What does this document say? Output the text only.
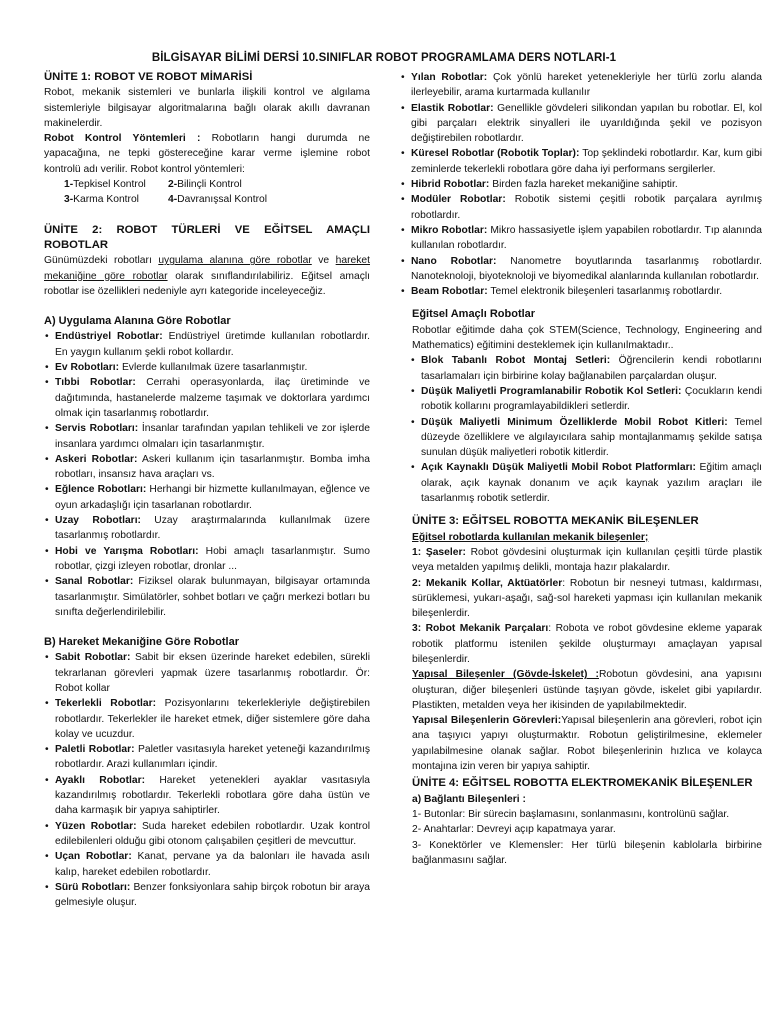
BİLGİSAYAR BİLİMİ DERSİ 10.SINIFLAR ROBOT PROGRAMLAMA DERS NOTLARI-1

ÜNİTE 1: ROBOT VE ROBOT MİMARİSİ

Robot, mekanik sistemleri ve bunlarla ilişkili kontrol ve algılama sistemleriyle bilgisayar algoritmalarına bağlı olarak akıllı davranan makinelerdir.

Robot Kontrol Yöntemleri : Robotların hangi durumda ne yapacağına, ne tepki göstereceğine karar verme işlemine robot kontrolü adı verilir. Robot kontrol yöntemleri:

1-Tepkisel Kontrol 2-Bilinçli Kontrol
3-Karma Kontrol	4-Davranışsal Kontrol

ÜNİTE 2: ROBOT TÜRLERİ VE EĞİTSEL AMAÇLI ROBOTLAR

Günümüzdeki robotları uygulama alanına göre robotlar ve hareket mekaniğine göre robotlar olarak sınıflandırılabiliriz. Eğitsel amaçlı robotlar ise özellikleri nedeniyle ayrı kategoride inceleyeceğiz.

A) Uygulama Alanına Göre Robotlar

• Endüstriyel Robotlar: Endüstriyel üretimde kullanılan robotlardır. En yaygın kullanım şekli robot kollardır.
• Ev Robotları: Evlerde kullanılmak üzere tasarlanmıştır.
• Tıbbi Robotlar: Cerrahi operasyonlarda, ilaç üretiminde ve dağıtımında, hastanelerde malzeme taşımak ve doktorlara yardımcı olmak için tasarlanmış robotlardır.
• Servis Robotları: İnsanlar tarafından yapılan tehlikeli ve zor işlerde insanlara yardımcı olmaları için tasarlanmıştır.
• Askeri Robotlar: Askeri kullanım için tasarlanmıştır. Bomba imha robotları, insansız hava araçları vs.
• Eğlence Robotları: Herhangi bir hizmette kullanılmayan, eğlence ve oyun arkadaşlığı için tasarlanan robotlardır.
• Uzay Robotları: Uzay araştırmalarında kullanılmak üzere tasarlanmış robotlardır.
• Hobi ve Yarışma Robotları: Hobi amaçlı tasarlanmıştır. Sumo robotlar, çizgi izleyen robotlar, dronlar ...
• Sanal Robotlar: Fiziksel olarak bulunmayan, bilgisayar ortamında tasarlanmıştır. Simülatörler, sohbet botları ve çağrı merkezi botları bu sınıfta değerlendirilebilir.

B) Hareket Mekaniğine Göre Robotlar

• Sabit Robotlar: Sabit bir eksen üzerinde hareket edebilen, sürekli tekrarlanan görevleri yapmak üzere tasarlanmış robotlardır. Ör: Robot kollar
• Tekerlekli Robotlar: Pozisyonlarını tekerlekleriyle değiştirebilen robotlardır. Tekerlekler ile hareket etmek, diğer sistemlere göre daha kolay ve ucuzdur.
• Paletli Robotlar: Paletler vasıtasıyla hareket yeteneği kazandırılmış robotlardır. Arazi kullanımları içindir.
• Ayaklı Robotlar: Hareket yetenekleri ayaklar vasıtasıyla kazandırılmış robotlardır. Tekerlekli robotlara göre daha üstün ve daha karmaşık bir yapıya sahiptirler.
• Yüzen Robotlar: Suda hareket edebilen robotlardır. Uzak kontrol edilebilenleri olduğu gibi otonom çalışabilen çeşitleri de mevcuttur.
• Uçan Robotlar: Kanat, pervane ya da balonları ile havada asılı kalıp, hareket edebilen robotlardır.
• Sürü Robotları: Benzer fonksiyonlara sahip birçok robotun bir araya gelmesiyle oluşur.
• Yılan Robotlar: Çok yönlü hareket yetenekleriyle her türlü zorlu alanda ilerleyebilir, arama kurtarmada kullanılır
• Elastik Robotlar: Genellikle gövdeleri silikondan yapılan bu robotlar. El, kol gibi parçaları elektrik sinyalleri ile uyarıldığında şekil ve pozisyon değiştirebilen robotlardır.
• Küresel Robotlar (Robotik Toplar): Top şeklindeki robotlardır. Kar, kum gibi zeminlerde tekerlekli robotlara göre daha iyi performans sergilerler.
• Hibrid Robotlar: Birden fazla hareket mekaniğine sahiptir.
• Modüler Robotlar: Robotik sistemi çeşitli robotik parçalara ayrılmış robotlardır.
• Mikro Robotlar: Mikro hassasiyetle işlem yapabilen robotlardır. Tıp alanında kullanılan robotlardır.
• Nano Robotlar: Nanometre boyutlarında tasarlanmış robotlardır. Nanoteknoloji, biyoteknoloji ve biyomedikal alanlarında kullanılan robotlardır.
• Beam Robotlar: Temel elektronik bileşenleri tasarlanmış robotlardır.

Eğitsel Amaçlı Robotlar

Robotlar eğitimde daha çok STEM(Science, Technology, Engineering and Mathematics) eğitimini desteklemek için kullanılmaktadır..

• Blok Tabanlı Robot Montaj Setleri: Öğrencilerin kendi robotlarını tasarlamaları için birbirine kolay bağlanabilen parçalardan oluşur.
• Düşük Maliyetli Programlanabilir Robotik Kol Setleri: Çocukların kendi robotik kollarını programlayabildikleri setlerdir.
• Düşük Maliyetli Minimum Özelliklerde Mobil Robot Kitleri: Temel düzeyde özelliklere ve algılayıcılara sahip montajlanmamış şekilde satışa sunulan düşük maliyetleri robotik kitlerdir.
• Açık Kaynaklı Düşük Maliyetli Mobil Robot Platformları: Eğitim amaçlı olarak, açık kaynak donanım ve açık kaynak yazılım araçları ile tasarlanmış robotik setlerdir.

ÜNİTE 3: EĞİTSEL ROBOTTA MEKANİK BİLEŞENLER

Eğitsel robotlarda kullanılan mekanik bileşenler;

1: Şaseler: Robot gövdesini oluşturmak için kullanılan çeşitli türde plastik veya metalden yapılmış delikli, montaja hazır plakalardır.

2: Mekanik Kollar, Aktüatörler: Robotun bir nesneyi tutması, kaldırması, sürüklemesi, yukarı-aşağı, sağ-sol hareketi yapması için kullanılan mekanik bileşenlerdir.

3: Robot Mekanik Parçaları: Robota ve robot gövdesine ekleme yaparak robotik platformu istenilen şekilde oluşturmayı amaçlayan yapısal bileşenlerdir.

Yapısal Bileşenler (Gövde-İskelet) :Robotun gövdesini, ana yapısını oluşturan, diğer bileşenleri üstünde taşıyan gövde, iskelet gibi yapılardır. Plastikten, metalden veya her ikisinden de yapılabilmektedir.

Yapısal Bileşenlerin Görevleri:Yapısal bileşenlerin ana görevleri, robot için ana taşıyıcı yapıyı oluşturmaktır. Robotun geliştirilmesine, eklemeler yapılabilmesine olanak sağlar. Robot bileşenlerinin hızlıca ve kolayca montajına izin veren bir yapıya sahiptir.

ÜNİTE 4: EĞİTSEL ROBOTTA ELEKTROMEKANİK BİLEŞENLER

a) Bağlantı Bileşenleri :

1- Butonlar: Bir sürecin başlamasını, sonlanmasını, kontrolünü sağlar.

2- Anahtarlar: Devreyi açıp kapatmaya yarar.

3- Konektörler ve Klemensler: Her türlü bileşenin kablolarla birbirine bağlanmasını sağlar.
